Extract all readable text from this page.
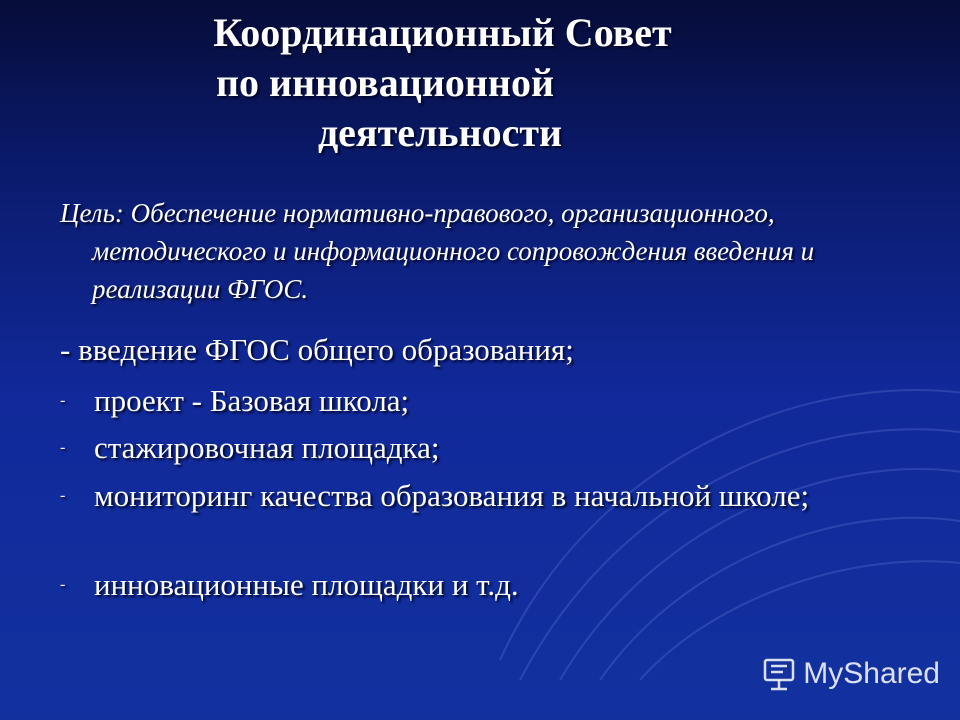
Координационный Совет
по инновационной
деятельности
Цель: Обеспечение нормативно-правового, организационного, методического и информационного сопровождения введения и реализации ФГОС.
- введение ФГОС общего образования;
- проект - Базовая школа;
- стажировочная площадка;
- мониторинг качества образования в начальной школе;
- инновационные площадки и т.д.
MyShared
